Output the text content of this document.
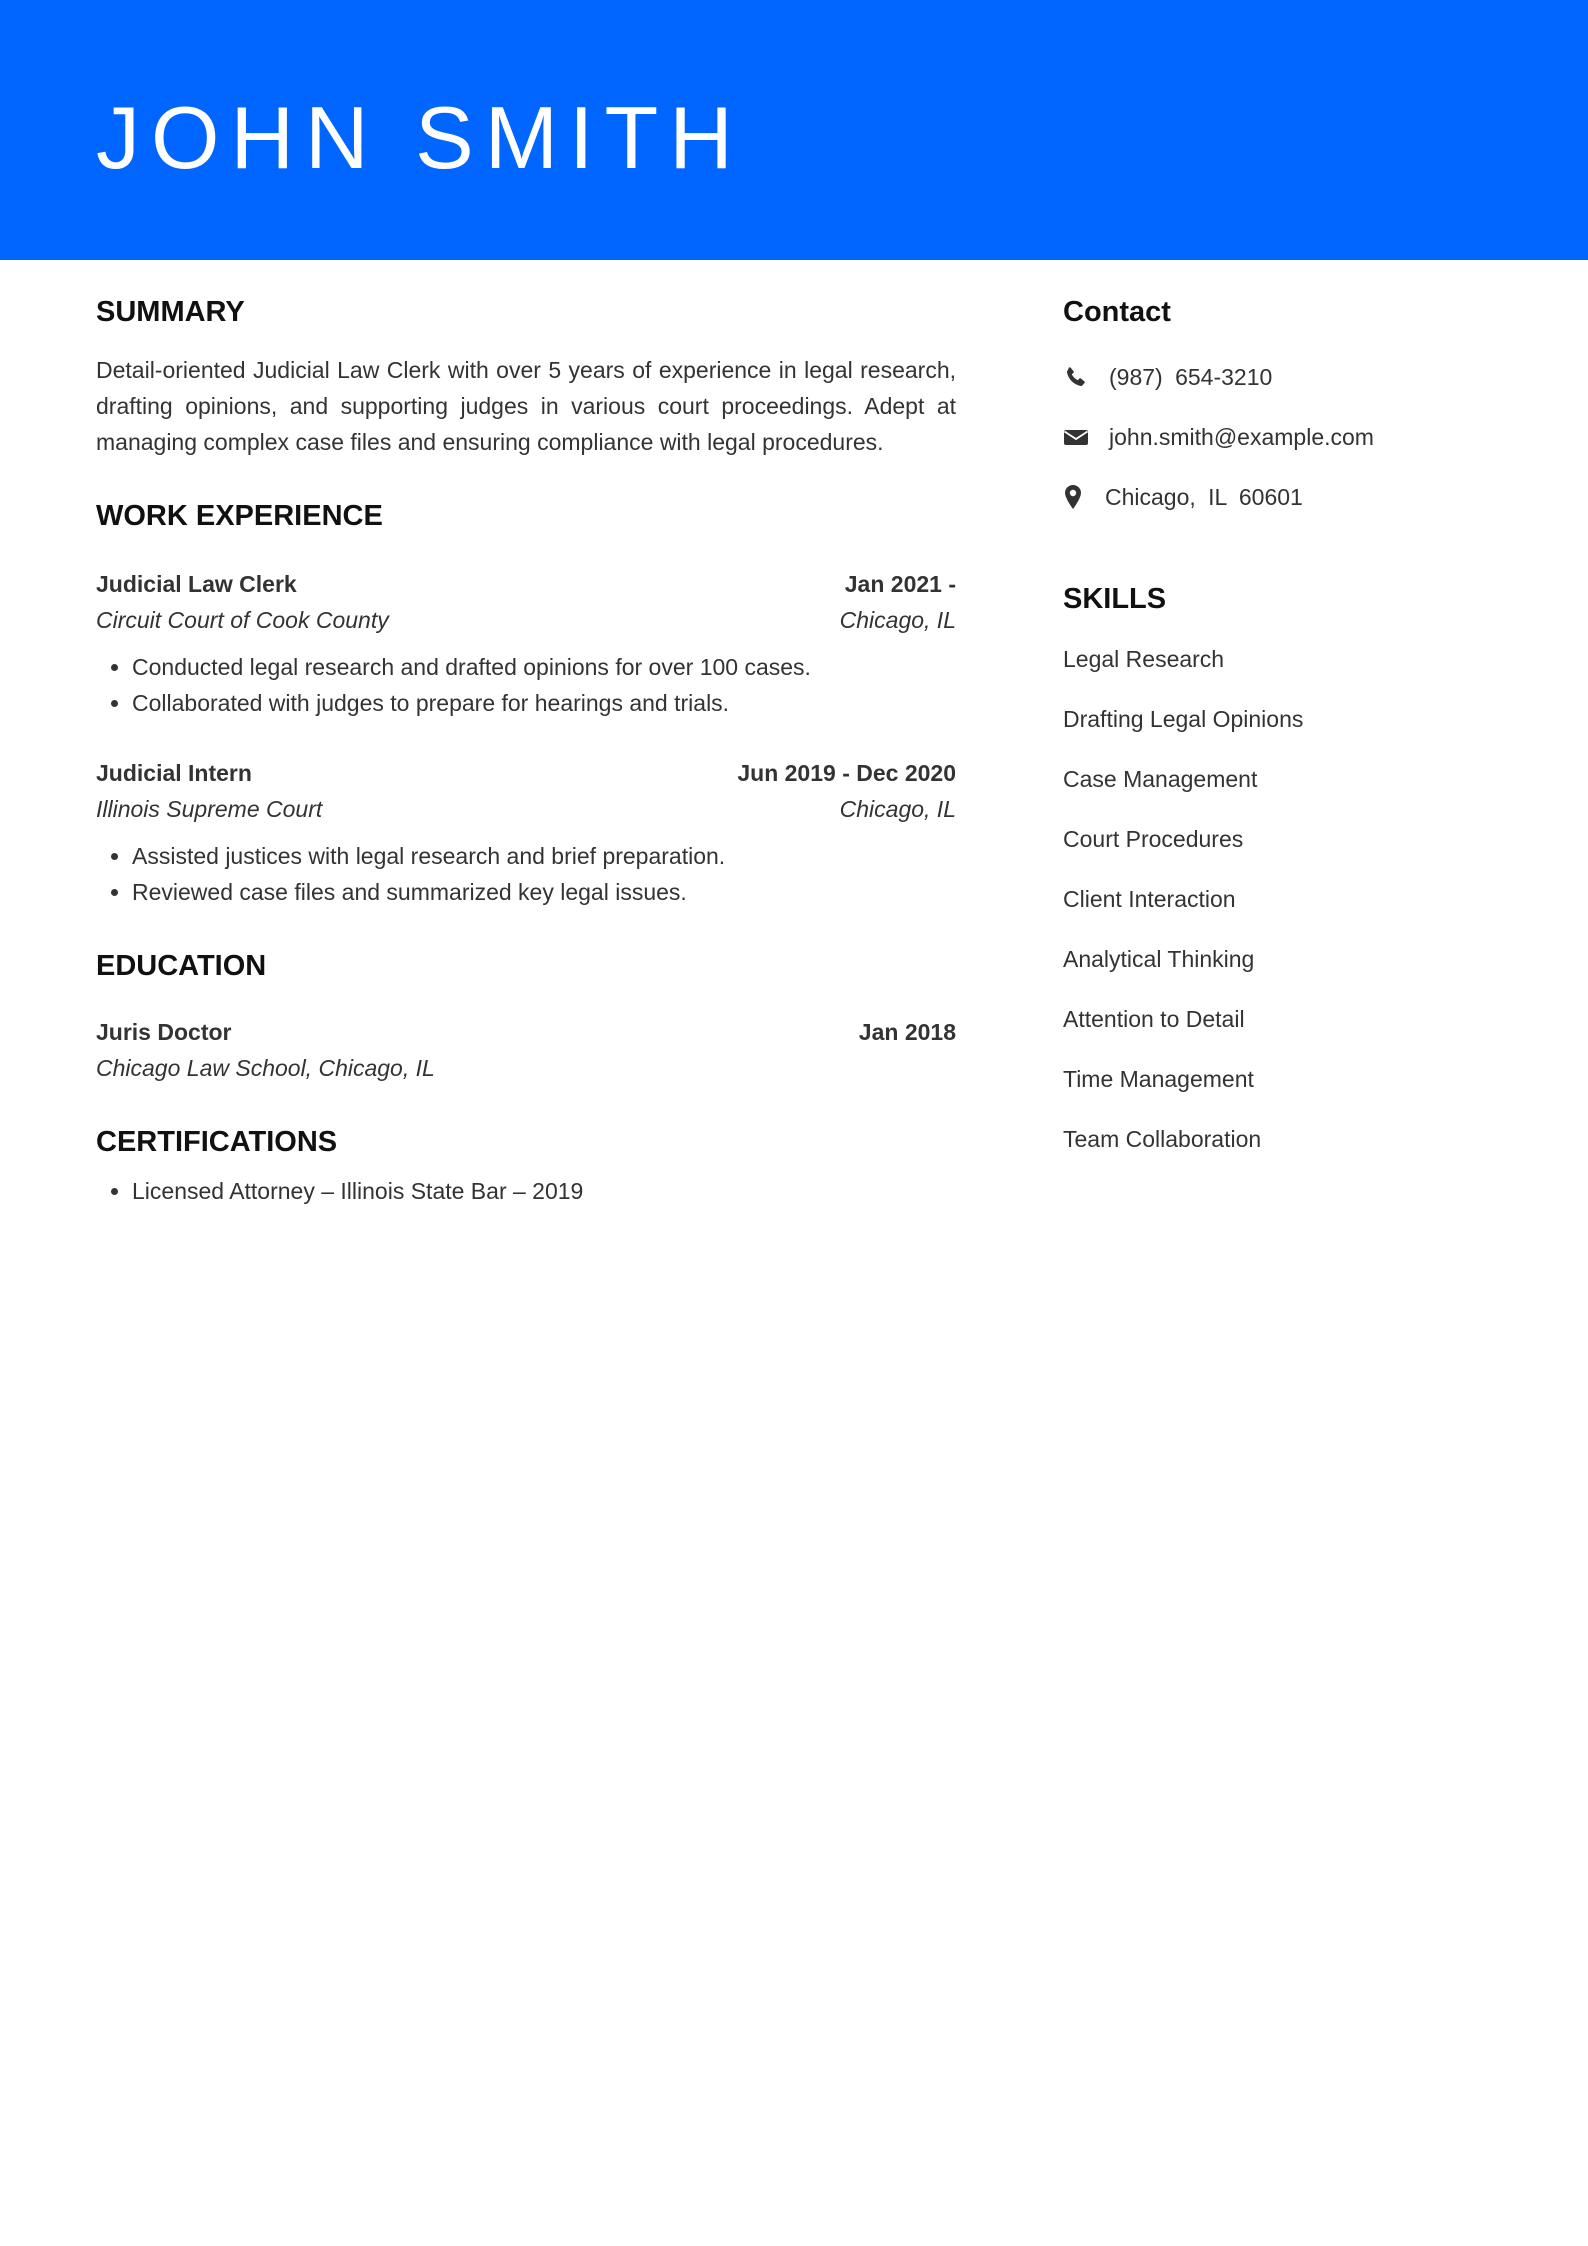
JOHN SMITH
SUMMARY

Detail-oriented Judicial Law Clerk with over 5 years of experience in legal research, drafting opinions, and supporting judges in various court proceedings. Adept at managing complex case files and ensuring compliance with legal procedures.

WORK EXPERIENCE
Judicial Law Clerk	Jan 2021 -
Circuit Court of Cook County	Chicago, IL
• Conducted legal research and drafted opinions for over 100 cases.
• Collaborated with judges to prepare for hearings and trials.
Judicial Intern	Jun 2019 - Dec 2020
Illinois Supreme Court	Chicago, IL
• Assisted justices with legal research and brief preparation.
• Reviewed case files and summarized key legal issues.
EDUCATION
Juris Doctor	Jan 2018
Chicago Law School, Chicago, IL
CERTIFICATIONS
• Licensed Attorney – Illinois State Bar – 2019
Contact
(987) 654-3210
john.smith@example.com
Chicago, IL 60601
SKILLS
Legal Research
Drafting Legal Opinions
Case Management
Court Procedures
Client Interaction
Analytical Thinking
Attention to Detail
Time Management
Team Collaboration
